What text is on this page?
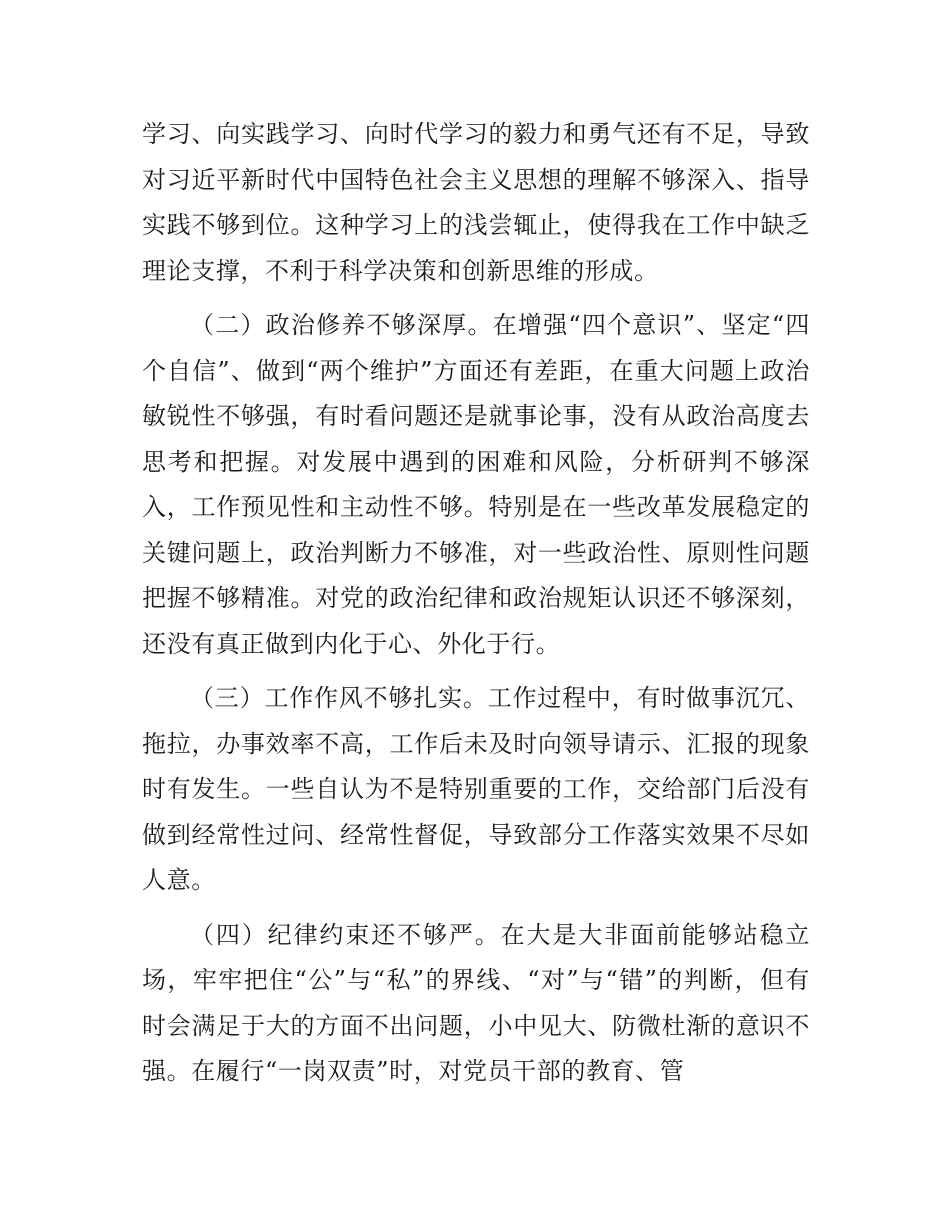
学习、向实践学习、向时代学习的毅力和勇气还有不足，导致对习近平新时代中国特色社会主义思想的理解不够深入、指导实践不够到位。这种学习上的浅尝辄止，使得我在工作中缺乏理论支撑，不利于科学决策和创新思维的形成。

（二）政治修养不够深厚。在增强“四个意识”、坚定“四个自信”、做到“两个维护”方面还有差距，在重大问题上政治敏锐性不够强，有时看问题还是就事论事，没有从政治高度去思考和把握。对发展中遇到的困难和风险，分析研判不够深入，工作预见性和主动性不够。特别是在一些改革发展稳定的关键问题上，政治判断力不够准，对一些政治性、原则性问题把握不够精准。对党的政治纪律和政治规矩认识还不够深刻，还没有真正做到内化于心、外化于行。

（三）工作作风不够扎实。工作过程中，有时做事沉冗、拖拉，办事效率不高，工作后未及时向领导请示、汇报的现象时有发生。一些自认为不是特别重要的工作，交给部门后没有做到经常性过问、经常性督促，导致部分工作落实效果不尽如人意。

（四）纪律约束还不够严。在大是大非面前能够站稳立场，牢牢把住“公”与“私”的界线、“对”与“错”的判断，但有时会满足于大的方面不出问题，小中见大、防微杜渐的意识不强。在履行“一岗双责”时，对党员干部的教育、管
